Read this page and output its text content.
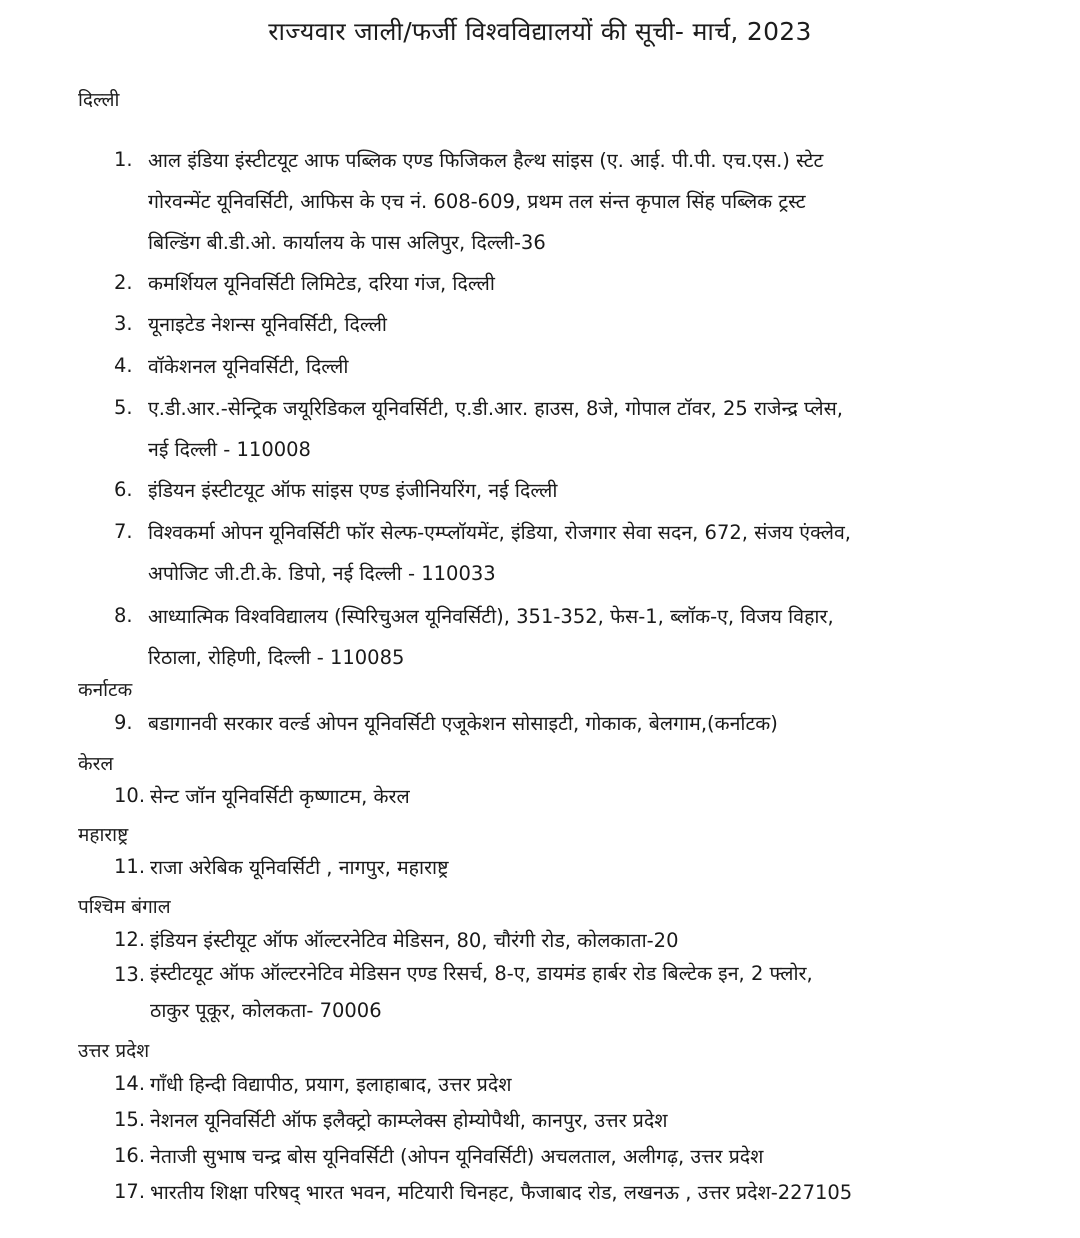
राज्यवार जाली/फर्जी विश्वविद्यालयों की सूची- मार्च, 2023
दिल्ली
1. आल इंडिया इंस्टीटयूट आफ पब्लिक एण्ड फिजिकल हैल्थ सांइस (ए. आई. पी.पी. एच.एस.) स्टेट
गोरवन्मेंट यूनिवर्सिटी, आफिस के एच नं. 608-609, प्रथम तल संन्त कृपाल सिंह पब्लिक ट्रस्ट
बिल्डिंग बी.डी.ओ. कार्यालय के पास अलिपुर, दिल्ली-36
2. कमर्शियल यूनिवर्सिटी लिमिटेड, दरिया गंज, दिल्ली
3. यूनाइटेड नेशन्स यूनिवर्सिटी, दिल्ली
4. वॉकेशनल यूनिवर्सिटी, दिल्ली
5. ए.डी.आर.-सेन्ट्रिक जयूरिडिकल यूनिवर्सिटी, ए.डी.आर. हाउस, 8जे, गोपाल टॉवर, 25 राजेन्द्र प्लेस,
नई दिल्ली - 110008
6. इंडियन इंस्टीटयूट ऑफ सांइस एण्ड इंजीनियरिंग, नई दिल्ली
7. विश्वकर्मा ओपन यूनिवर्सिटी फॉर सेल्फ-एम्प्लॉयमेंट, इंडिया, रोजगार सेवा सदन, 672, संजय एंक्लेव,
अपोजिट जी.टी.के. डिपो, नई दिल्ली - 110033
8. आध्यात्मिक विश्वविद्यालय (स्पिरिचुअल यूनिवर्सिटी), 351-352, फेस-1, ब्लॉक-ए, विजय विहार,
रिठाला, रोहिणी, दिल्ली - 110085
कर्नाटक
9. बडागानवी सरकार वर्ल्ड ओपन यूनिवर्सिटी एजूकेशन सोसाइटी, गोकाक, बेलगाम,(कर्नाटक)
केरल
10. सेन्ट जॉन यूनिवर्सिटी कृष्णाटम, केरल
महाराष्ट्र
11. राजा अरेबिक यूनिवर्सिटी , नागपुर, महाराष्ट्र
पश्चिम बंगाल
12. इंडियन इंस्टीयूट ऑफ ऑल्टरनेटिव मेडिसन, 80, चौरंगी रोड, कोलकाता-20
13. इंस्टीटयूट ऑफ ऑल्टरनेटिव मेडिसन एण्ड रिसर्च, 8-ए, डायमंड हार्बर रोड बिल्टेक इन, 2 फ्लोर,
ठाकुर पूकूर, कोलकता- 70006
उत्तर प्रदेश
14. गाँधी हिन्दी विद्यापीठ, प्रयाग, इलाहाबाद, उत्तर प्रदेश
15. नेशनल यूनिवर्सिटी ऑफ इलैक्ट्रो काम्प्लेक्स होम्योपैथी, कानपुर, उत्तर प्रदेश
16. नेताजी सुभाष चन्द्र बोस यूनिवर्सिटी (ओपन यूनिवर्सिटी) अचलताल, अलीगढ़, उत्तर प्रदेश
17. भारतीय शिक्षा परिषद् भारत भवन, मटियारी चिनहट, फैजाबाद रोड, लखनऊ , उत्तर प्रदेश-227105
